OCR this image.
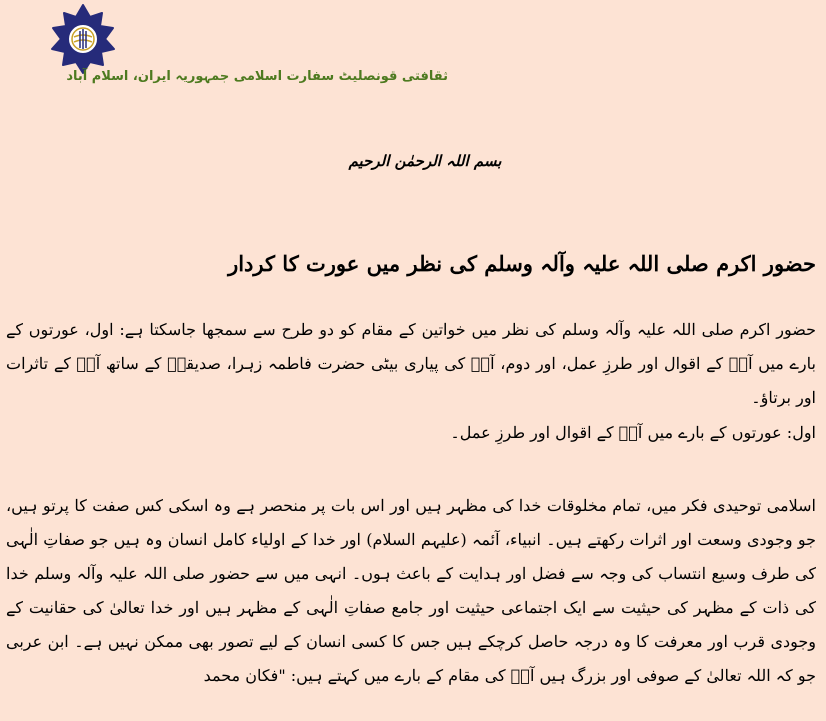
ثقافتی قونصلیٹ سفارت اسلامی جمہوریہ ایران، اسلام آباد
بسم اللہ الرحمٰن الرحیم
حضور اکرم صلی اللہ علیہ وآلہ وسلم کی نظر میں عورت کا کردار

حضور اکرم صلی اللہ علیہ وآلہ وسلم کی نظر میں خواتین کے مقام کو دو طرح سے سمجھا جاسکتا ہے: اول، عورتوں کے بارے میں آپؐ کے اقوال اور طرزِ عمل، اور دوم، آپؐ کی پیاری بیٹی حضرت فاطمہ زہرا، صدیقہؑ کے ساتھ آپؐ کے تاثرات اور برتاؤ۔

اول: عورتوں کے بارے میں آپؐ کے اقوال اور طرزِ عمل۔

اسلامی توحیدی فکر میں، تمام مخلوقات خدا کی مظہر ہیں اور اس بات پر منحصر ہے وہ اسکی کس صفت کا پرتو ہیں، جو وجودی وسعت اور اثرات رکھتے ہیں۔ انبیاء، آئمہ (علیہم السلام) اور خدا کے اولیاء کامل انسان وہ ہیں جو صفاتِ الٰہی کی طرف وسیع انتساب کی وجہ سے فضل اور ہدایت کے باعث ہوں۔ انہی میں سے حضور صلی اللہ علیہ وآلہ وسلم خدا کی ذات کے مظہر کی حیثیت سے ایک اجتماعی حیثیت اور جامع صفاتِ الٰہی کے مظہر ہیں اور خدا تعالیٰ کی حقانیت کے وجودی قرب اور معرفت کا وہ درجہ حاصل کرچکے ہیں جس کا کسی انسان کے لیے تصور بھی ممکن نہیں ہے۔ ابن عربی جو کہ اللہ تعالیٰ کے صوفی اور بزرگ ہیں آپؐ کی مقام کے بارے میں کہتے ہیں: "فکان محمد
